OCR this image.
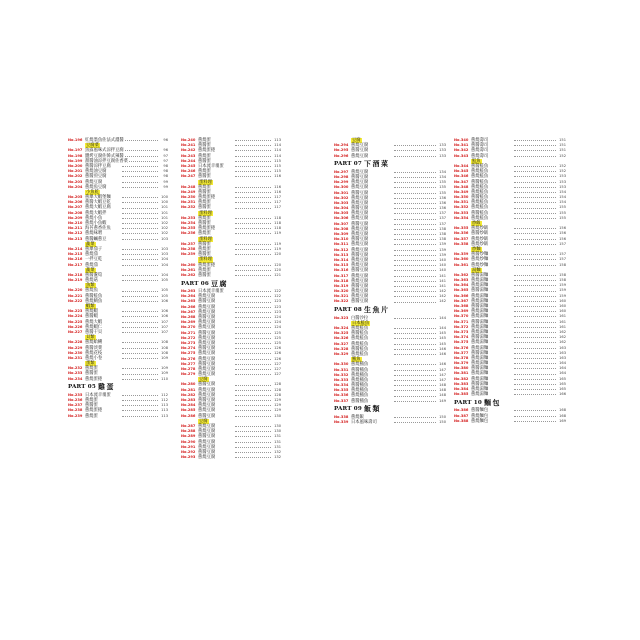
No.196 紅燒墨魚佐法式濃醬	96
豆腐菜
No.197 魚露風味式涼拌豆腐	96
No.198 鹽烤豆腐佐韓式辣醬	97
No.199 甜醬油涼拌豆腐佐香菜	97
No.200 蔥醬涼拌豆腐	98
No.201 蔥燒油豆腐	98
No.202 蔥醬煎豆腐	98
No.203 蔥燒豆腐	99
No.204 蔥燒魚豆腐	99
小魚乾
No.205 蔥爆大蝦堡麵	100
No.206 蔥醬大蝦豆乾	100
No.207 蔥燒大蝦豆腐	101
No.208 蔥燒大蝦拌	101
No.209 蔥燒小魚	101
No.210 蔥燒小魚蝦	102
No.211 海苔蔥香佐魚	102
No.212 蔥燒味噌	102
No.213 蔥醬鹹蔥豆	103
蔬菜
No.214 蔥爆茄子	103
No.215 蔥燒茄	103
No.216 一拌豆乾	104
No.217 蔥燒茄	104
蔬菜
No.218 蔥醬蘆筍	104
No.219 蔥燒菇	105
魚類
No.220 蔥燒魚	105
No.221 蔥醬鮭魚	105
No.222 蔥燒鯖魚	106
蝦類
No.223 蔥燒蝦	106
No.224 蔥醬蝦	106
No.225 蔥燒大蝦	107
No.226 蔥燒蝦仁	107
No.227 蔥醬干貝	107
貝類
No.228 蔥燒蛤蜊	108
No.229 蔥醬淡菜	108
No.230 蔥燒花枝	108
No.231 蔥燒小卷	109
蛋類
No.232 蔥燒蛋	109
No.233 蔥醬蛋	109
No.234 蔥燒蛋捲	110
PART 05 雞蛋
No.235 日本流羊羹蛋	112
No.236 蔥燒蛋	112
No.237 蔥醬蛋	113
No.238 蔥燒蛋捲	113
No.239 蔥燒蛋	113
No.240 蔥燒蛋	113
No.241 蔥醬蛋	114
No.242 蔥燒蛋捲	114
No.243 蔥燒蛋	114
No.244 蔥醬蛋	115
No.245 日本流羊羹蛋	115
No.246 蔥燒蛋	115
No.247 蔥醬蛋	116
蛋料理
No.248 蔥燒蛋	116
No.249 蔥醬蛋	116
No.250 蔥燒蛋捲	117
No.251 蔥燒蛋	117
No.252 蔥醬蛋	117
蛋料理
No.253 蔥燒蛋	118
No.254 蔥醬蛋	118
No.255 蔥燒蛋捲	118
No.256 蔥燒蛋	119
蛋料理
No.257 蔥醬蛋	119
No.258 蔥燒蛋	119
No.259 蔥醬蛋	120
蛋料理
No.260 蔥燒蛋捲	120
No.261 蔥燒蛋	120
No.262 蔥醬蛋	121
PART 06 豆腐
No.263 日本流羊羹蛋	122
No.264 蔥燒豆腐	122
No.265 蔥醬豆腐	123
No.266 蔥燒豆腐	123
No.267 蔥燒豆腐	123
No.268 蔥醬豆腐	124
No.269 蔥燒豆腐	124
No.270 蔥燒豆腐	124
No.271 蔥醬豆腐	125
No.272 蔥燒豆腐	125
No.273 蔥燒豆腐	125
No.274 蔥醬豆腐	126
No.275 蔥燒豆腐	126
No.276 蔥燒豆腐	126
No.277 蔥醬豆腐	127
No.278 蔥燒豆腐	127
No.279 蔥燒豆腐	127
豆腐
No.280 蔥醬豆腐	128
No.281 蔥燒豆腐	128
No.282 蔥燒豆腐	128
No.283 蔥醬豆腐	129
No.284 蔥燒豆腐	129
No.285 蔥燒豆腐	129
No.286 蔥醬豆腐	130
豆腐
No.287 蔥燒豆腐	130
No.288 蔥燒豆腐	130
No.289 蔥醬豆腐	131
No.290 蔥燒豆腐	131
No.291 蔥燒豆腐	131
No.292 蔥醬豆腐	132
No.293 蔥燒豆腐	132
豆腐
No.294 蔥燒豆腐	133
No.295 蔥醬豆腐	133
No.296 蔥燒豆腐	133
PART 07 下酒菜
No.297 蔥燒豆腐	134
No.298 蔥醬豆腐	134
No.299 蔥燒豆腐	135
No.300 蔥燒豆腐	135
No.301 蔥醬豆腐	135
No.302 蔥燒豆腐	136
No.303 蔥燒豆腐	136
No.304 蔥醬豆腐	136
No.305 蔥燒豆腐	137
No.306 蔥燒豆腐	137
No.307 蔥醬豆腐	137
No.308 蔥燒豆腐	138
No.309 蔥燒豆腐	138
No.310 蔥醬豆腐	138
No.311 蔥燒豆腐	139
No.312 蔥燒豆腐	139
No.313 蔥醬豆腐	139
No.314 蔥燒豆腐	140
No.315 蔥燒豆腐	140
No.316 蔥醬豆腐	140
No.317 蔥燒豆腐	141
No.318 蔥燒豆腐	141
No.319 蔥醬豆腐	141
No.320 蔥燒豆腐	142
No.321 蔥燒豆腐	142
No.322 蔥醬豆腐	142
PART 08 生魚片
No.323 白醬沙拉	144
日本鮭魚
No.324 蔥燒鮭魚	144
No.325 蔥醬鮭魚	145
No.326 蔥燒鮭魚	145
No.327 蔥燒鮭魚	145
No.328 蔥醬鮭魚	146
No.329 蔥燒鮭魚	146
鮪魚
No.330 蔥燒鮪魚	146
No.331 蔥醬鮪魚	147
No.332 蔥燒鮪魚	147
No.333 蔥燒鮪魚	147
No.334 蔥醬鮪魚	148
No.335 蔥燒鮪魚	148
No.336 蔥燒鮪魚	148
No.337 蔥醬鮪魚	149
PART 09 飯類
No.338 蔥燒飯	150
No.339 日本風味壽司	150
No.340 蔥燒壽司	151
No.341 蔥醬壽司	151
No.342 蔥燒壽司	151
No.343 蔥燒壽司	152
鮭魚
No.344 蔥醬鮭魚	152
No.345 蔥燒鮭魚	152
No.346 蔥燒鮭魚	153
No.347 蔥醬鮭魚	153
No.348 蔥燒鮭魚	153
No.349 蔥燒鮭魚	154
No.350 蔥醬鮭魚	154
No.351 蔥燒鮭魚	154
No.352 蔥燒鮭魚	155
No.353 蔥醬鮭魚	155
No.354 蔥燒鮭魚	155
炒飯
No.355 蔥燒炒飯	156
No.356 蔥醬炒飯	156
No.357 蔥燒炒飯	156
No.358 蔥燒炒飯	157
炒麵
No.359 蔥醬炒麵	157
No.360 蔥燒炒麵	157
No.361 蔥燒炒麵	158
湯麵
No.362 蔥醬湯麵	158
No.363 蔥燒湯麵	158
No.364 蔥燒湯麵	159
No.365 蔥醬湯麵	159
No.366 蔥燒湯麵	159
No.367 蔥燒湯麵	160
No.368 蔥醬湯麵	160
No.369 蔥燒湯麵	160
No.370 蔥燒湯麵	161
No.371 蔥醬湯麵	161
No.372 蔥燒湯麵	161
No.373 蔥燒湯麵	162
No.374 蔥醬湯麵	162
No.375 蔥燒湯麵	162
No.376 蔥燒湯麵	163
No.377 蔥醬湯麵	163
No.378 蔥燒湯麵	163
No.379 蔥燒湯麵	164
No.380 蔥醬湯麵	164
No.381 蔥燒湯麵	164
No.382 蔥燒湯麵	165
No.383 蔥醬湯麵	165
No.384 蔥燒湯麵	165
No.385 蔥燒湯麵	166
PART 10 麵包
No.386 蔥醬麵包	168
No.387 蔥燒麵包	168
No.388 蔥燒麵包	169
